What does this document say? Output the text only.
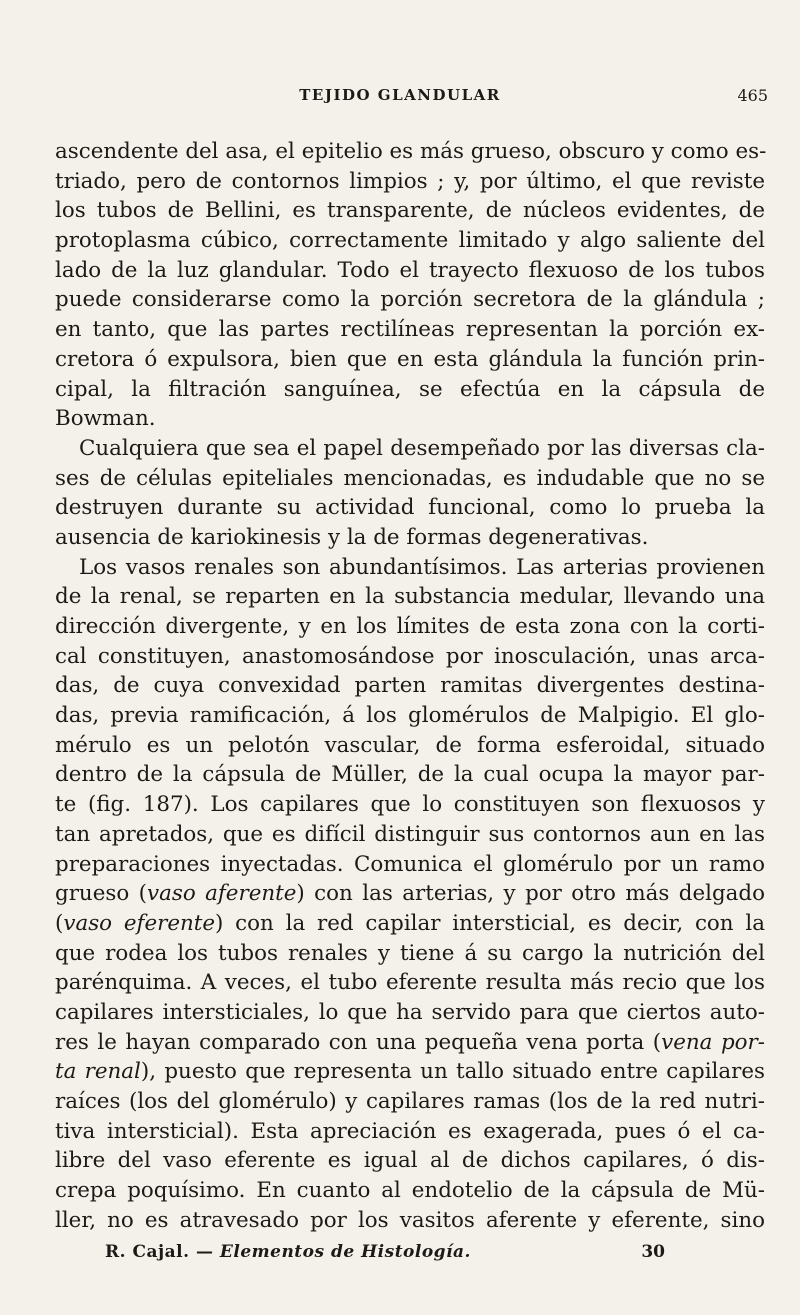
TEJIDO GLANDULAR	465
ascendente del asa, el epitelio es más grueso, obscuro y como es-
triado, pero de contornos limpios ; y, por último, el que reviste
los tubos de Bellini, es transparente, de núcleos evidentes, de
protoplasma cúbico, correctamente limitado y algo saliente del
lado de la luz glandular. Todo el trayecto flexuoso de los tubos
puede considerarse como la porción secretora de la glándula ;
en tanto, que las partes rectilíneas representan la porción ex-
cretora ó expulsora, bien que en esta glándula la función prin-
cipal, la filtración sanguínea, se efectúa en la cápsula de
Bowman.
Cualquiera que sea el papel desempeñado por las diversas cla-
ses de células epiteliales mencionadas, es indudable que no se
destruyen durante su actividad funcional, como lo prueba la
ausencia de kariokinesis y la de formas degenerativas.
Los vasos renales son abundantísimos. Las arterias provienen
de la renal, se reparten en la substancia medular, llevando una
dirección divergente, y en los límites de esta zona con la corti-
cal constituyen, anastomosándose por inosculación, unas arca-
das, de cuya convexidad parten ramitas divergentes destina-
das, previa ramificación, á los glomérulos de Malpigio. El glo-
mérulo es un pelotón vascular, de forma esferoidal, situado
dentro de la cápsula de Müller, de la cual ocupa la mayor par-
te (fig. 187). Los capilares que lo constituyen son flexuosos y
tan apretados, que es difícil distinguir sus contornos aun en las
preparaciones inyectadas. Comunica el glomérulo por un ramo
grueso (vaso aferente) con las arterias, y por otro más delgado
(vaso eferente) con la red capilar intersticial, es decir, con la
que rodea los tubos renales y tiene á su cargo la nutrición del
parénquima. A veces, el tubo eferente resulta más recio que los
capilares intersticiales, lo que ha servido para que ciertos auto-
res le hayan comparado con una pequeña vena porta (vena por-
ta renal), puesto que representa un tallo situado entre capilares
raíces (los del glomérulo) y capilares ramas (los de la red nutri-
tiva intersticial). Esta apreciación es exagerada, pues ó el ca-
libre del vaso eferente es igual al de dichos capilares, ó dis-
crepa poquísimo. En cuanto al endotelio de la cápsula de Mü-
ller, no es atravesado por los vasitos aferente y eferente, sino
R. Cajal. — Elementos de Histología.	30
